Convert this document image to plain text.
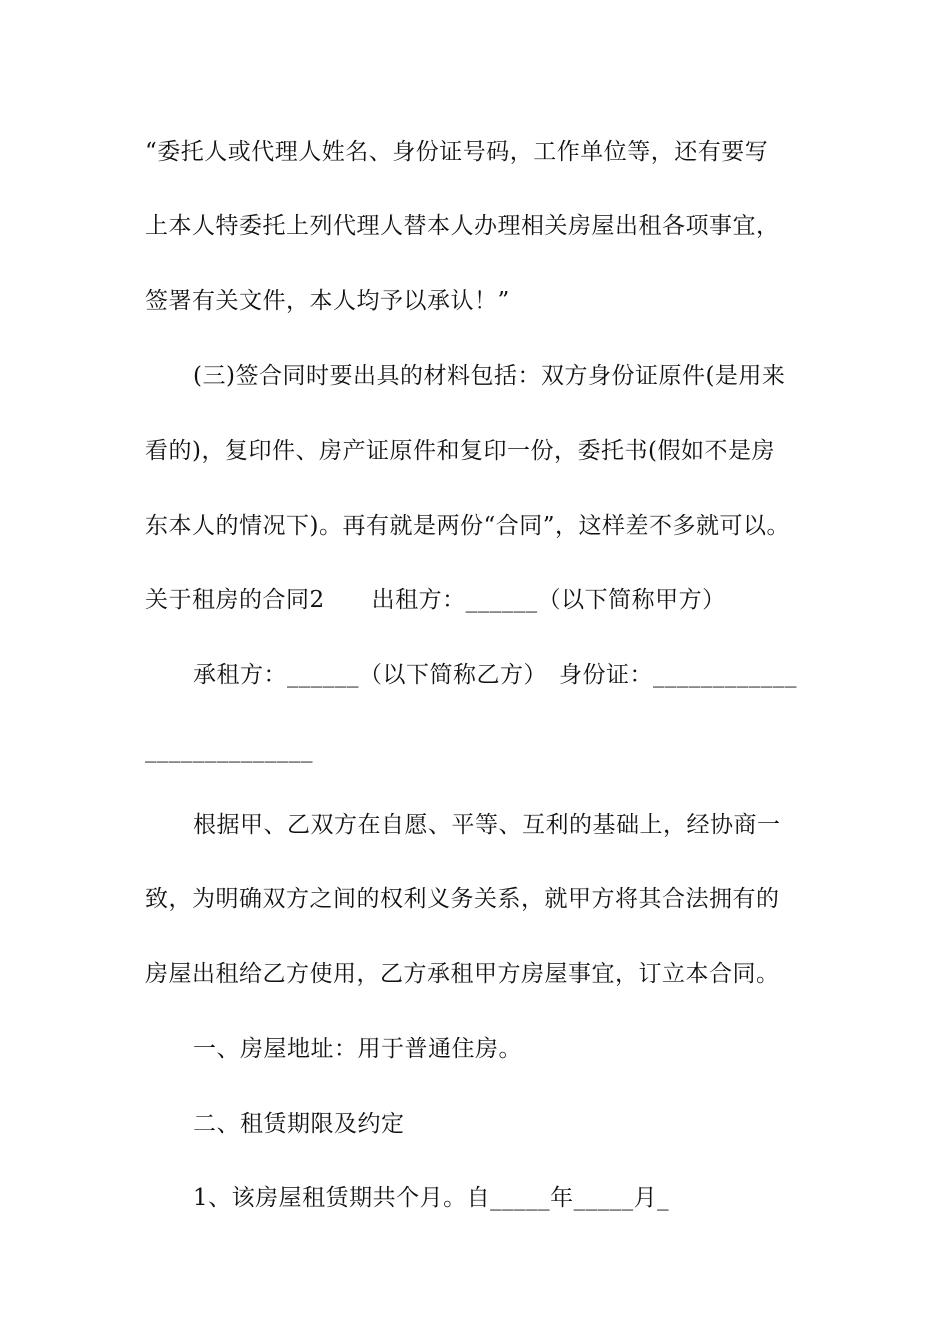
“委托人或代理人姓名、身份证号码，工作单位等，还有要写
上本人特委托上列代理人替本人办理相关房屋出租各项事宜，
签署有关文件，本人均予以承认！”
(三)签合同时要出具的材料包括：双方身份证原件(是用来
看的)，复印件、房产证原件和复印一份，委托书(假如不是房
东本人的情况下)。再有就是两份“合同”，这样差不多就可以。
关于租房的合同2　　出租方：______（以下简称甲方）
承租方：______（以下简称乙方）　身份证：____________
______________
根据甲、乙双方在自愿、平等、互利的基础上，经协商一
致，为明确双方之间的权利义务关系，就甲方将其合法拥有的
房屋出租给乙方使用，乙方承租甲方房屋事宜，订立本合同。
一、房屋地址：用于普通住房。
二、租赁期限及约定
1、该房屋租赁期共个月。自_____年_____月_
